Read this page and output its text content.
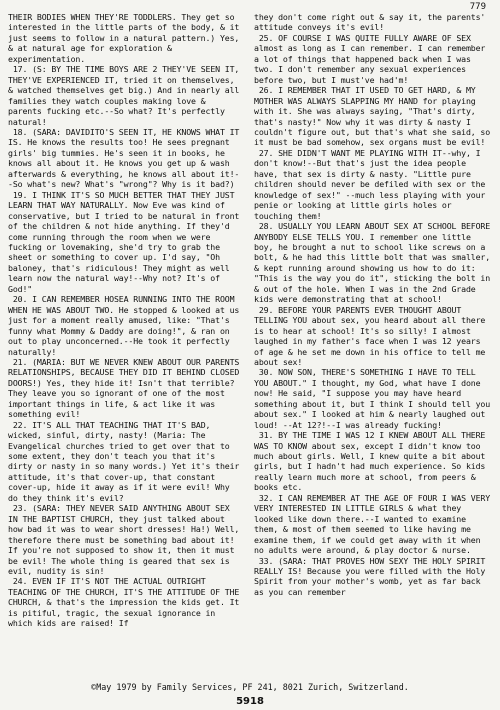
779
THEIR BODIES WHEN THEY'RE TODDLERS. They get so interested in the little parts of the body, & it just seems to follow in a natural pattern.) Yes, & at natural age for exploration & experimentation.
17. (S: BY THE TIME BOYS ARE 2 THEY'VE SEEN IT, THEY'VE EXPERIENCED IT, tried it on themselves, & watched themselves get big.) And in nearly all families they watch couples making love & parents fucking etc.--So what? It's perfectly natural!
18. (SARA: DAVIDITO'S SEEN IT, HE KNOWS WHAT IT IS. He knows the results too! He sees pregnant girls' big tummies. He's seen it in books, he knows all about it. He knows you get up & wash afterwards & everything, he knows all about it!--So what's new? What's "wrong"? Why is it bad?)
19. I THINK IT'S SO MUCH BETTER THAT THEY JUST LEARN THAT WAY NATURALLY. Now Eve was kind of conservative, but I tried to be natural in front of the children & not hide anything. If they'd come running through the room when we were fucking or lovemaking, she'd try to grab the sheet or something to cover up. I'd say, "Oh baloney, that's ridiculous! They might as well learn now the natural way!--Why not? It's of God!"
20. I CAN REMEMBER HOSEA RUNNING INTO THE ROOM WHEN HE WAS ABOUT TWO. He stopped & looked at us just for a moment really amused, like: "That's funny what Mommy & Daddy are doing!", & ran on out to play unconcerned.--He took it perfectly naturally!
21. (MARIA: BUT WE NEVER KNEW ABOUT OUR PARENTS RELATIONSHIPS, BECAUSE THEY DID IT BEHIND CLOSED DOORS!) Yes, they hide it! Isn't that terrible? They leave you so ignorant of one of the most important things in life, & act like it was something evil!
22. IT'S ALL THAT TEACHING THAT IT'S BAD, wicked, sinful, dirty, nasty! (Maria: The Evangelical churches tried to get over that to some extent, they don't teach you that it's dirty or nasty in so many words.) Yet it's their attitude, it's that cover-up, that constant cover-up, hide it away as if it were evil! Why do they think it's evil?
23. (SARA: THEY NEVER SAID ANYTHING ABOUT SEX IN THE BAPTIST CHURCH, they just talked about how bad it was to wear short dresses! Ha!) Well, therefore there must be something bad about it! If you're not supposed to show it, then it must be evil! The whole thing is geared that sex is evil, nudity is sin!
24. EVEN IF IT'S NOT THE ACTUAL OUTRIGHT TEACHING OF THE CHURCH, IT'S THE ATTITUDE OF THE CHURCH, & that's the impression the kids get. It is pitiful, tragic, the sexual ignorance in which kids are raised! If
they don't come right out & say it, the parents' attitude conveys it's evil!
25. OF COURSE I WAS QUITE FULLY AWARE OF SEX almost as long as I can remember. I can remember a lot of things that happened back when I was two. I don't remember any sexual experiences before two, but I must've had'm!
26. I REMEMBER THAT IT USED TO GET HARD, & MY MOTHER WAS ALWAYS SLAPPING MY HAND for playing with it. She was always saying, "That's dirty, that's nasty!" Now why it was dirty & nasty I couldn't figure out, but that's what she said, so it must be bad somehow, sex organs must be evil!
27. SHE DIDN'T WANT ME PLAYING WITH IT--why, I don't know!--But that's just the idea people have, that sex is dirty & nasty. "Little pure children should never be defiled with sex or the knowledge of sex!" --much less playing with your penie or looking at little girls holes or touching them!
28. USUALLY YOU LEARN ABOUT SEX AT SCHOOL BEFORE ANYBODY ELSE TELLS YOU. I remember one little boy, he brought a nut to school like screws on a bolt, & he had this little bolt that was smaller, & kept running around showing us how to do it: "This is the way you do it", sticking the bolt in & out of the hole. When I was in the 2nd Grade kids were demonstrating that at school!
29. BEFORE YOUR PARENTS EVER THOUGHT ABOUT TELLING YOU about sex, you heard about all there is to hear at school! It's so silly! I almost laughed in my father's face when I was 12 years of age & he set me down in his office to tell me about sex!
30. NOW SON, THERE'S SOMETHING I HAVE TO TELL YOU ABOUT." I thought, my God, what have I done now! He said, "I suppose you may have heard something about it, but I think I should tell you about sex." I looked at him & nearly laughed out loud! --At 12?!--I was already fucking!
31. BY THE TIME I WAS 12 I KNEW ABOUT ALL THERE WAS TO KNOW about sex, except I didn't know too much about girls. Well, I knew quite a bit about girls, but I hadn't had much experience. So kids really learn much more at school, from peers & books etc.
32. I CAN REMEMBER AT THE AGE OF FOUR I WAS VERY VERY INTERESTED IN LITTLE GIRLS & what they looked like down there.--I wanted to examine them, & most of them seemed to like having me examine them, if we could get away with it when no adults were around, & play doctor & nurse.
33. (SARA: THAT PROVES HOW SEXY THE HOLY SPIRIT REALLY IS! Because you were filled with the Holy Spirit from your mother's womb, yet as far back as you can remember
©May 1979 by Family Services, PF 241, 8021 Zurich, Switzerland.
5918
